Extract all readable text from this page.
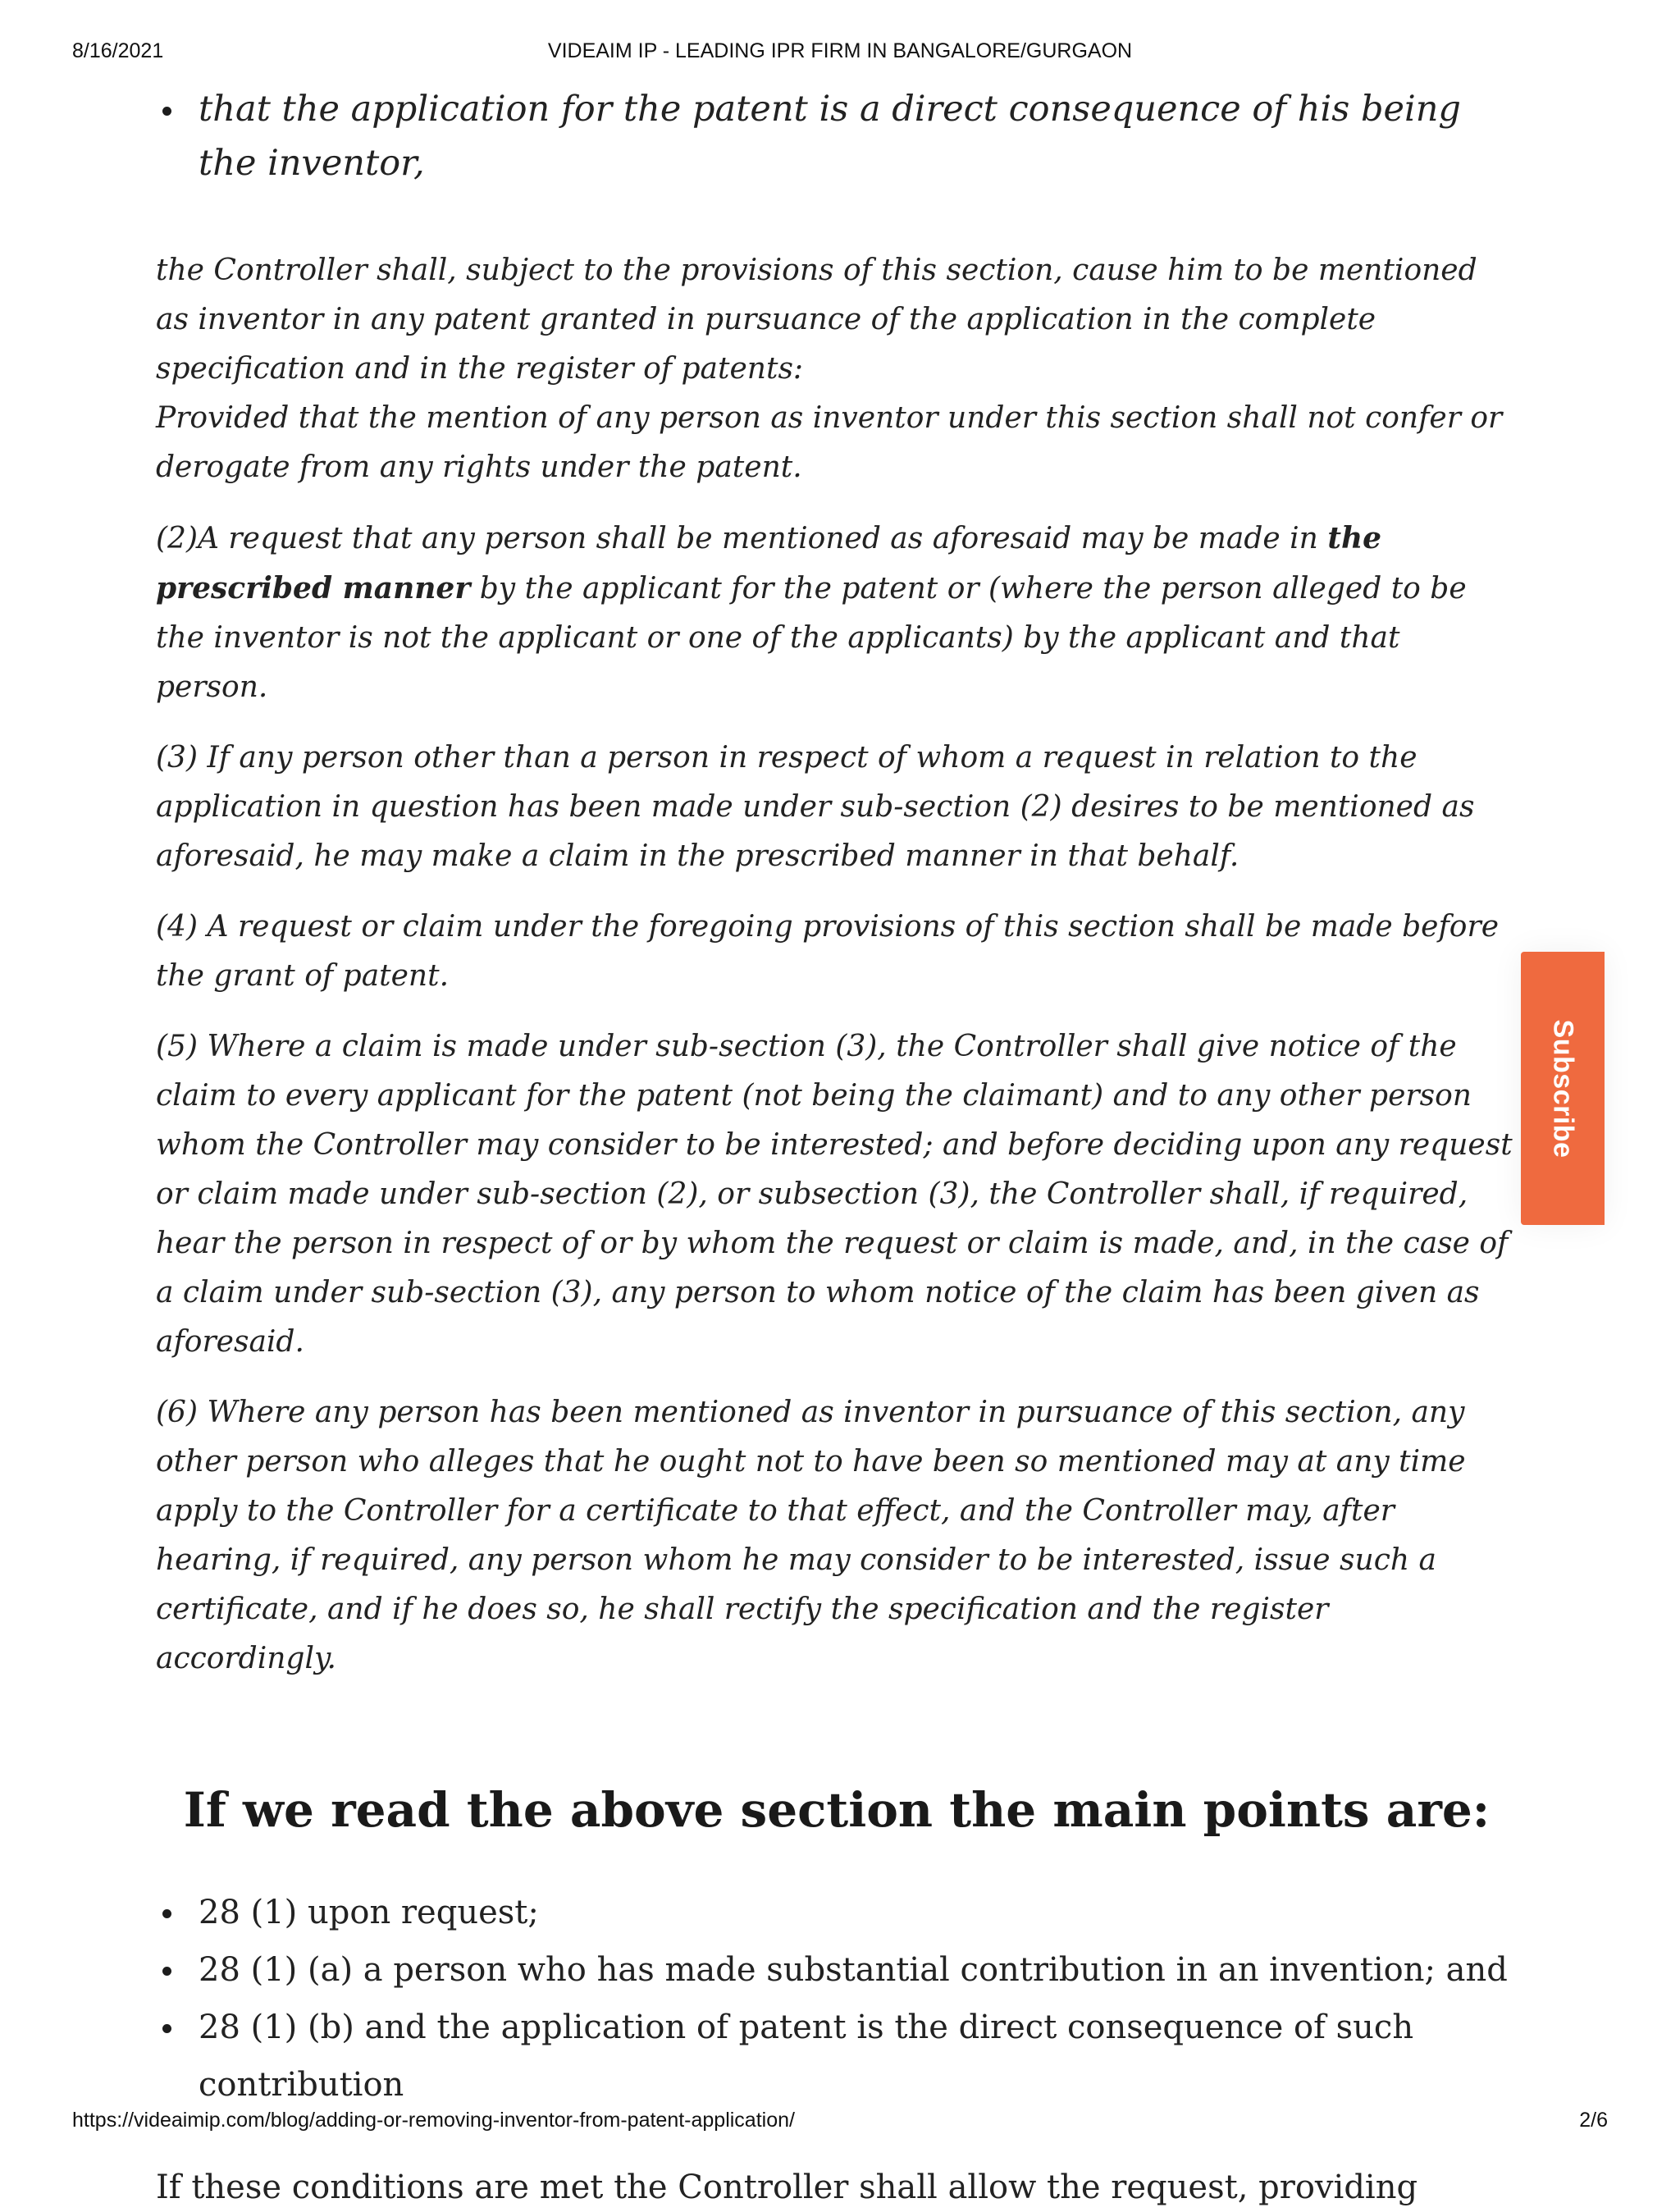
8/16/2021	VIDEAIM IP - LEADING IPR FIRM IN BANGALORE/GURGAON
that the application for the patent is a direct consequence of his being the inventor,

the Controller shall, subject to the provisions of this section, cause him to be mentioned as inventor in any patent granted in pursuance of the application in the complete specification and in the register of patents:

Provided that the mention of any person as inventor under this section shall not confer or derogate from any rights under the patent.

(2)A request that any person shall be mentioned as aforesaid may be made in the prescribed manner by the applicant for the patent or (where the person alleged to be the inventor is not the applicant or one of the applicants) by the applicant and that person.

(3) If any person other than a person in respect of whom a request in relation to the application in question has been made under sub-section (2) desires to be mentioned as aforesaid, he may make a claim in the prescribed manner in that behalf.

(4) A request or claim under the foregoing provisions of this section shall be made before the grant of patent.

(5) Where a claim is made under sub-section (3), the Controller shall give notice of the claim to every applicant for the patent (not being the claimant) and to any other person whom the Controller may consider to be interested; and before deciding upon any request or claim made under sub-section (2), or subsection (3), the Controller shall, if required, hear the person in respect of or by whom the request or claim is made, and, in the case of a claim under sub-section (3), any person to whom notice of the claim has been given as aforesaid.

(6) Where any person has been mentioned as inventor in pursuance of this section, any other person who alleges that he ought not to have been so mentioned may at any time apply to the Controller for a certificate to that effect, and the Controller may, after hearing, if required, any person whom he may consider to be interested, issue such a certificate, and if he does so, he shall rectify the specification and the register accordingly.

If we read the above section the main points are:
28 (1) upon request;
28 (1) (a) a person who has made substantial contribution in an invention; and
28 (1) (b) and the application of patent is the direct consequence of such contribution

If these conditions are met the Controller shall allow the request, providing

Subscribe
https://videaimip.com/blog/adding-or-removing-inventor-from-patent-application/	2/6
